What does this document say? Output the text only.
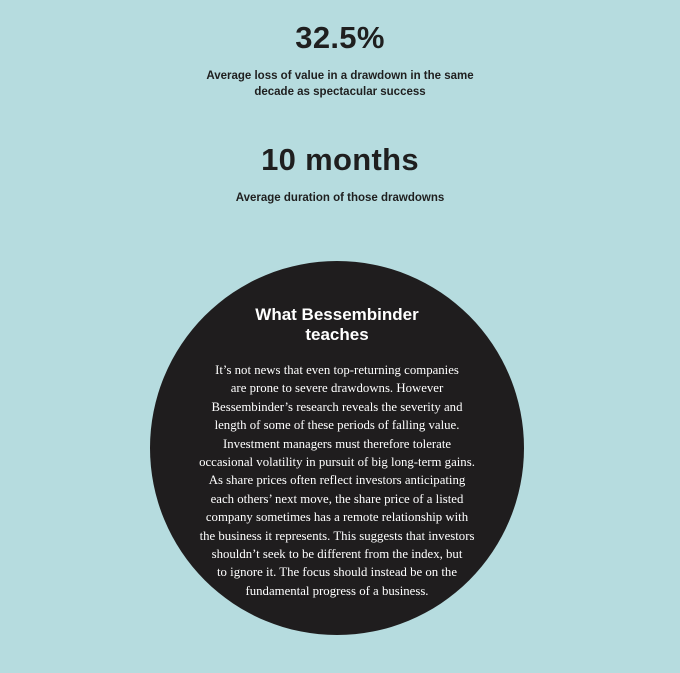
32.5%
Average loss of value in a drawdown in the same
decade as spectacular success
10 months
Average duration of those drawdowns
What Bessembinder
teaches
It’s not news that even top-returning companies
are prone to severe drawdowns. However
Bessembinder’s research reveals the severity and
length of some of these periods of falling value.
Investment managers must therefore tolerate
occasional volatility in pursuit of big long-term gains.
As share prices often reflect investors anticipating
each others’ next move, the share price of a listed
company sometimes has a remote relationship with
the business it represents. This suggests that investors
shouldn’t seek to be different from the index, but
to ignore it. The focus should instead be on the
fundamental progress of a business.
